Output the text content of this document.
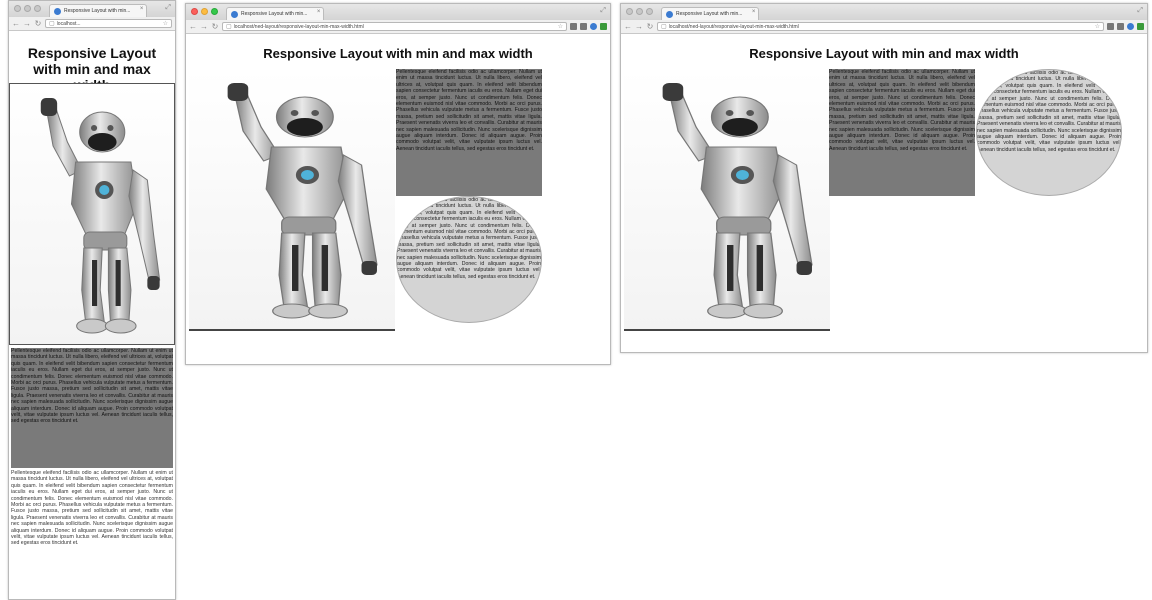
Responsive Layout with min... ×	⤢
← → ↻ ▢ localhost...	☆
Responsive Layout with min and max

Pellentesque eleifend facilisis odio ac ullamcorper. Nullam ut enim ut massa tincidunt luctus. Ut nulla libero, eleifend vel ultrices at, volutpat quis quam. In eleifend velit bibendum sapien consectetur fermentum iaculis eu eros. Nullam eget dui eros, at semper justo. Nunc ut condimentum felis. Donec elementum euismod nisl vitae commodo. Morbi ac orci purus. Phasellus vehicula vulputate metus a fermentum. Fusce justo massa, pretium sed sollicitudin sit amet, mattis vitae ligula. Praesent venenatis viverra leo et convallis. Curabitur at mauris nec sapien malesuada sollicitudin. Nunc scelerisque dignissim augue aliquam interdum. Donec id aliquam augue. Proin commodo volutpat velit, vitae vulputate ipsum luctus vel. Aenean tincidunt iaculis tellus, sed egestas eros tincidunt et.

Pellentesque eleifend facilisis odio ac ullamcorper. Nullam ut enim ut massa tincidunt luctus. Ut nulla libero, eleifend vel ultrices at, volutpat quis quam. In eleifend velit bibendum sapien consectetur fermentum iaculis eu eros. Nullam eget dui eros, at semper justo. Nunc ut condimentum felis. Donec elementum euismod nisl vitae commodo. Morbi ac orci purus. Phasellus vehicula vulputate metus a fermentum. Fusce justo massa, pretium sed sollicitudin sit amet, mattis vitae ligula. Praesent venenatis viverra leo et convallis. Curabitur at mauris nec sapien malesuada sollicitudin. Nunc scelerisque dignissim augue aliquam interdum. Donec id aliquam augue. Proin commodo volutpat velit, vitae vulputate ipsum luctus vel. Aenean tincidunt iaculis tellus, sed egestas eros tincidunt et.

Responsive Layout with min... ×	⤢
← → ↻ ▢ localhost/ned-layout/responsive-layout-min-max-width.html	☆
Responsive Layout with min and max width

Pellentesque eleifend facilisis odio ac ullamcorper. Nullam ut enim ut massa tincidunt luctus. Ut nulla libero, eleifend vel ultrices at, volutpat quis quam. In eleifend velit bibendum sapien consectetur fermentum iaculis eu eros. Nullam eget dui eros, at semper justo. Nunc ut condimentum felis. Donec elementum euismod nisl vitae commodo. Morbi ac orci purus. Phasellus vehicula vulputate metus a fermentum. Fusce justo massa, pretium sed sollicitudin sit amet, mattis vitae ligula. Praesent venenatis viverra leo et convallis. Curabitur at mauris nec sapien malesuada sollicitudin. Nunc scelerisque dignissim augue aliquam interdum. Donec id aliquam augue. Proin commodo volutpat velit, vitae vulputate ipsum luctus vel. Aenean tincidunt iaculis tellus, sed egestas eros tincidunt et.

Pellentesque eleifend facilisis odio ac ullamcorper. Nullam ut enim ut massa tincidunt luctus. Ut nulla libero, eleifend vel ultrices at, volutpat quis quam. In eleifend velit bibendum sapien consectetur fermentum iaculis eu eros. Nullam eget dui eros, at semper justo. Nunc ut condimentum felis. Donec elementum euismod nisl vitae commodo. Morbi ac orci purus. Phasellus vehicula vulputate metus a fermentum. Fusce justo massa, pretium sed sollicitudin sit amet, mattis vitae ligula. Praesent venenatis viverra leo et convallis. Curabitur at mauris nec sapien malesuada sollicitudin. Nunc scelerisque dignissim augue aliquam interdum. Donec id aliquam augue. Proin commodo volutpat velit, vitae vulputate ipsum luctus vel. Aenean tincidunt iaculis tellus, sed egestas eros tincidunt et.

Responsive Layout with min... ×	⤢
← → ↻ ▢ localhost/ned-layout/responsive-layout-min-max-width.html	☆
Responsive Layout with min and max width

Pellentesque eleifend facilisis odio ac ullamcorper. Nullam ut enim ut massa tincidunt luctus. Ut nulla libero, eleifend vel ultrices at, volutpat quis quam. In eleifend velit bibendum sapien consectetur fermentum iaculis eu eros. Nullam eget dui eros, at semper justo. Nunc ut condimentum felis. Donec elementum euismod nisl vitae commodo. Morbi ac orci purus. Phasellus vehicula vulputate metus a fermentum. Fusce justo massa, pretium sed sollicitudin sit amet, mattis vitae ligula. Praesent venenatis viverra leo et convallis. Curabitur at mauris nec sapien malesuada sollicitudin. Nunc scelerisque dignissim augue aliquam interdum. Donec id aliquam augue. Proin commodo volutpat velit, vitae vulputate ipsum luctus vel. Aenean tincidunt iaculis tellus, sed egestas eros tincidunt et.

Pellentesque eleifend facilisis odio ac ullamcorper. Nullam ut enim ut massa tincidunt luctus. Ut nulla libero, eleifend vel ultrices at, volutpat quis quam. In eleifend velit bibendum sapien consectetur fermentum iaculis eu eros. Nullam eget dui eros, at semper justo. Nunc ut condimentum felis. Donec elementum euismod nisl vitae commodo. Morbi ac orci purus. Phasellus vehicula vulputate metus a fermentum. Fusce justo massa, pretium sed sollicitudin sit amet, mattis vitae ligula. Praesent venenatis viverra leo et convallis. Curabitur at mauris nec sapien malesuada sollicitudin. Nunc scelerisque dignissim augue aliquam interdum. Donec id aliquam augue. Proin commodo volutpat velit, vitae vulputate ipsum luctus vel. Aenean tincidunt iaculis tellus, sed egestas eros tincidunt et.
